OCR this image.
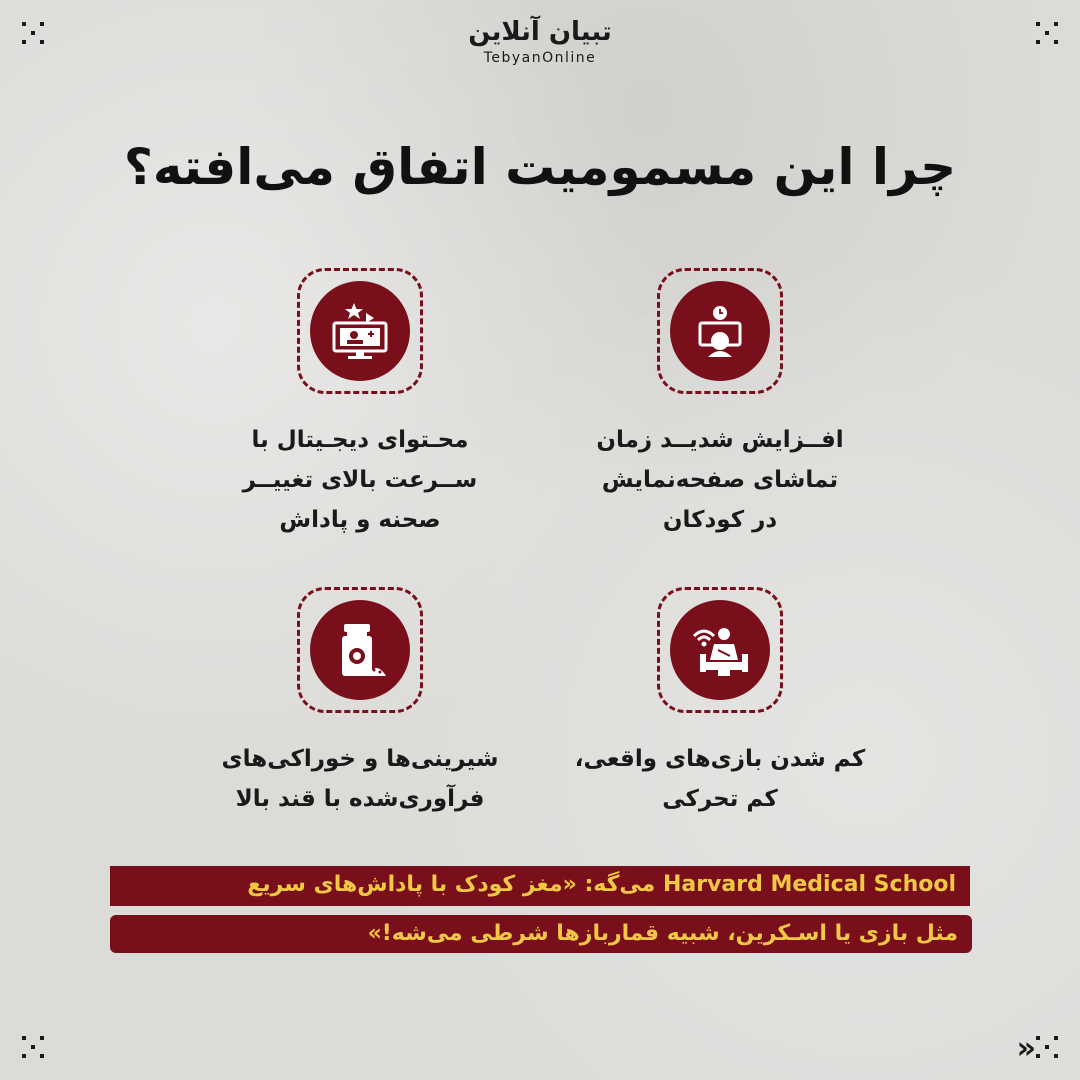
»
تبیان آنلاین
TebyanOnline
چرا این مسمومیت اتفاق می‌افته؟
افــزایش شدیــد زمان
تماشای صفحه‌نمایش
در کودکان
محـتوای دیجـیتال با
ســرعت بالای تغییــر
صحنه و پاداش
کم شدن بازی‌های واقعی،
کم تحرکی
شیرینی‌ها و خوراکی‌های
فرآوری‌شده با قند بالا
Harvard Medical School می‌گه: «مغز کودک با پاداش‌های سریع
مثل بازی یا اسـکرین، شبیه قماربازها شرطی می‌شه!»
